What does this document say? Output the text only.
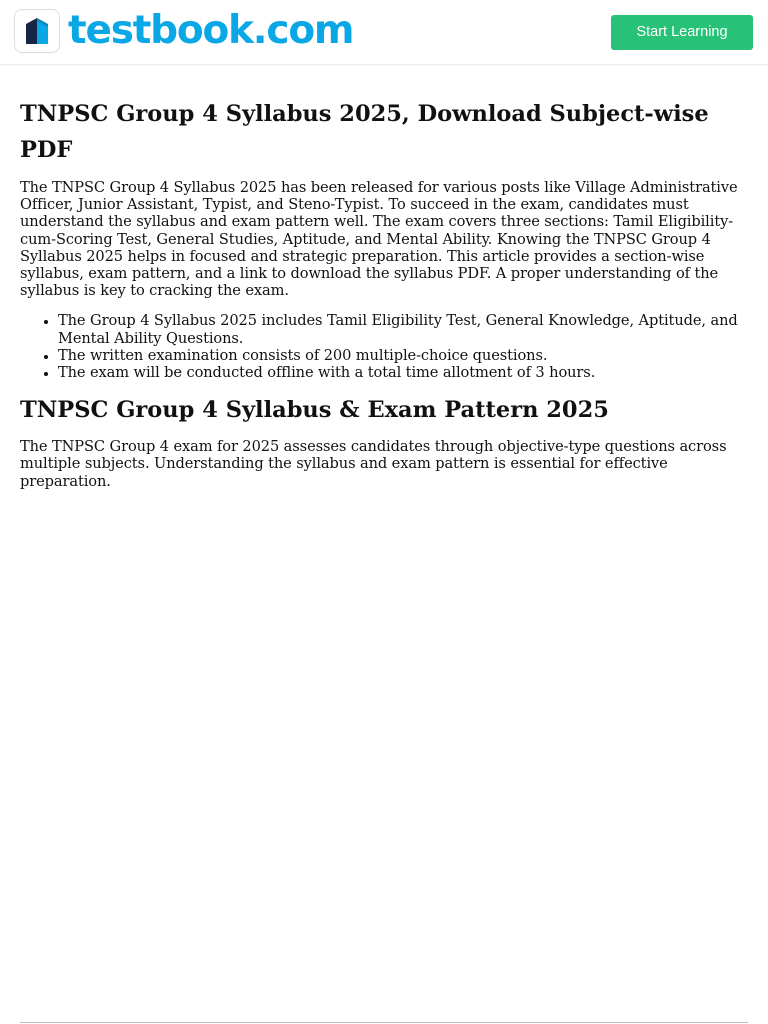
testbook.com	Start Learning
TNPSC Group 4 Syllabus 2025, Download Subject-wise PDF

The TNPSC Group 4 Syllabus 2025 has been released for various posts like Village Administrative Officer, Junior Assistant, Typist, and Steno-Typist. To succeed in the exam, candidates must understand the syllabus and exam pattern well. The exam covers three sections: Tamil Eligibility-cum-Scoring Test, General Studies, Aptitude, and Mental Ability. Knowing the TNPSC Group 4 Syllabus 2025 helps in focused and strategic preparation. This article provides a section-wise syllabus, exam pattern, and a link to download the syllabus PDF. A proper understanding of the syllabus is key to cracking the exam.

• The Group 4 Syllabus 2025 includes Tamil Eligibility Test, General Knowledge, Aptitude, and Mental Ability Questions.
• The written examination consists of 200 multiple-choice questions.
• The exam will be conducted offline with a total time allotment of 3 hours.
TNPSC Group 4 Syllabus & Exam Pattern 2025

The TNPSC Group 4 exam for 2025 assesses candidates through objective-type questions across multiple subjects. Understanding the syllabus and exam pattern is essential for effective preparation.
